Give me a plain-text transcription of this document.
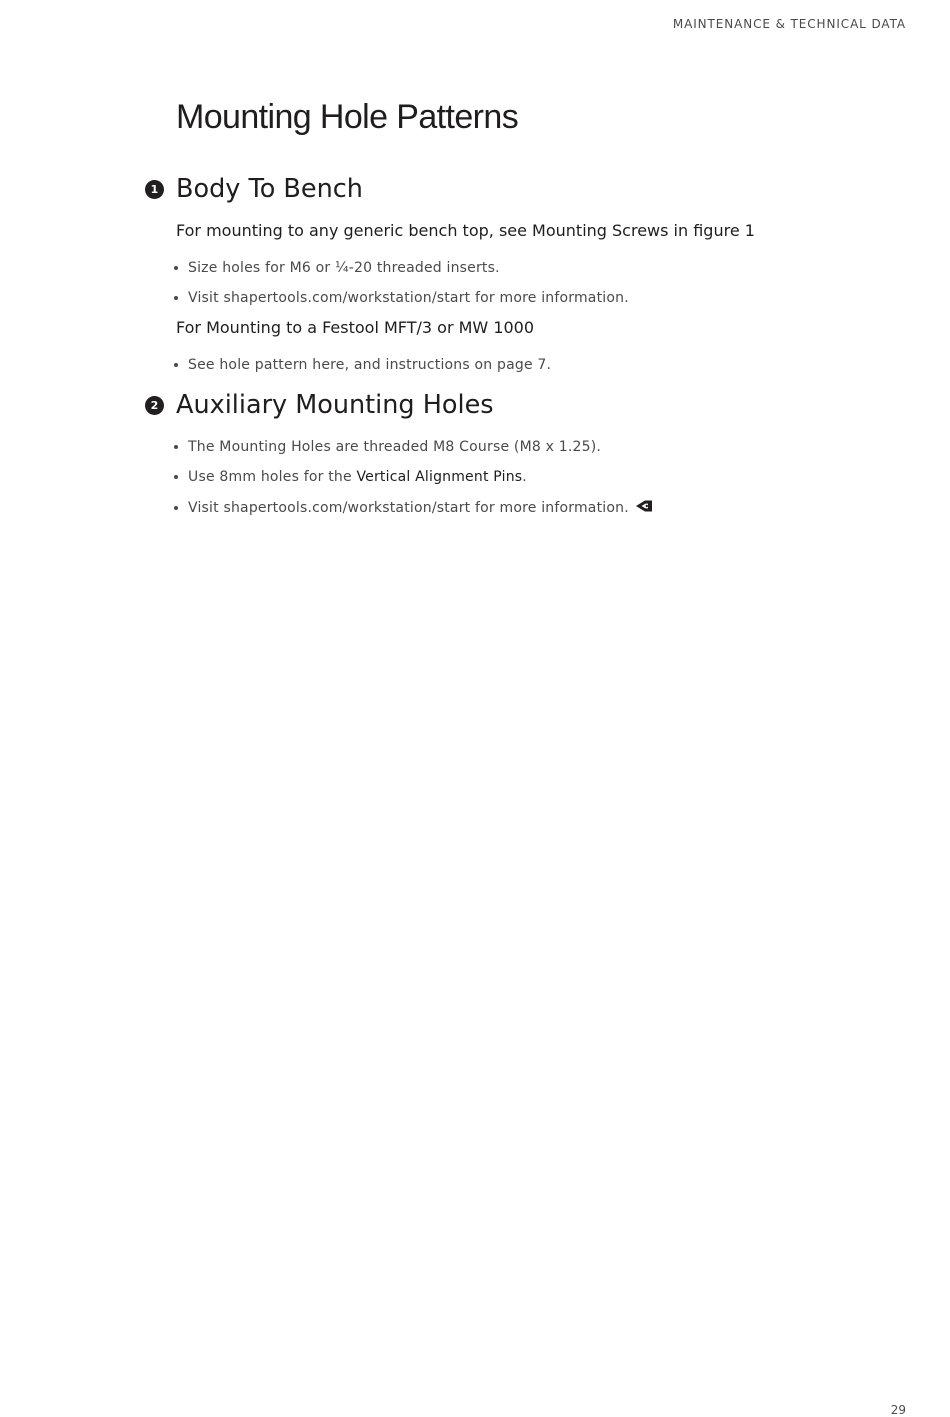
MAINTENANCE & TECHNICAL DATA
Mounting Hole Patterns
1 Body To Bench
For mounting to any generic bench top, see Mounting Screws in figure 1
Size holes for M6 or ¼-20 threaded inserts.
Visit shapertools.com/workstation/start for more information.
For Mounting to a Festool MFT/3 or MW 1000
See hole pattern here, and instructions on page 7.
2 Auxiliary Mounting Holes
The Mounting Holes are threaded M8 Course (M8 x 1.25).
Use 8mm holes for the Vertical Alignment Pins.
Visit shapertools.com/workstation/start for more information.
29
